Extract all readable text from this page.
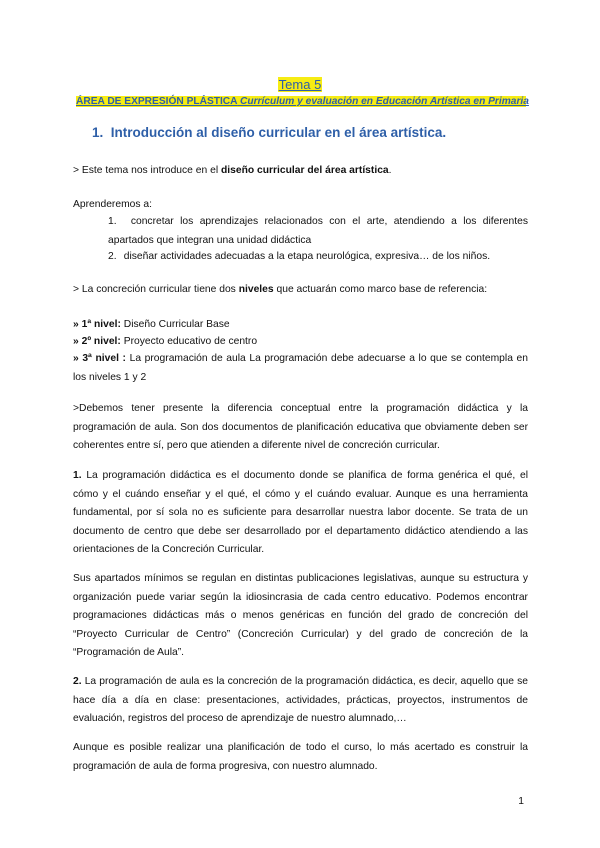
Tema 5
ÁREA DE EXPRESIÓN PLÁSTICA Currículum y evaluación en Educación Artística en Primaria
1. Introducción al diseño curricular en el área artística.
> Este tema nos introduce en el diseño curricular del área artística.
Aprenderemos a:
1. concretar los aprendizajes relacionados con el arte, atendiendo a los diferentes apartados que integran una unidad didáctica
2. diseñar actividades adecuadas a la etapa neurológica, expresiva… de los niños.
> La concreción curricular tiene dos niveles que actuarán como marco base de referencia:
» 1ª nivel: Diseño Curricular Base
» 2º nivel: Proyecto educativo de centro
» 3ª nivel : La programación de aula La programación debe adecuarse a lo que se contempla en los niveles 1 y 2
>Debemos tener presente la diferencia conceptual entre la programación didáctica y la programación de aula. Son dos documentos de planificación educativa que obviamente deben ser coherentes entre sí, pero que atienden a diferente nivel de concreción curricular.
1. La programación didáctica es el documento donde se planifica de forma genérica el qué, el cómo y el cuándo enseñar y el qué, el cómo y el cuándo evaluar. Aunque es una herramienta fundamental, por sí sola no es suficiente para desarrollar nuestra labor docente. Se trata de un documento de centro que debe ser desarrollado por el departamento didáctico atendiendo a las orientaciones de la Concreción Curricular.
Sus apartados mínimos se regulan en distintas publicaciones legislativas, aunque su estructura y organización puede variar según la idiosincrasia de cada centro educativo. Podemos encontrar programaciones didácticas más o menos genéricas en función del grado de concreción del “Proyecto Curricular de Centro” (Concreción Curricular) y del grado de concreción de la “Programación de Aula”.
2. La programación de aula es la concreción de la programación didáctica, es decir, aquello que se hace día a día en clase: presentaciones, actividades, prácticas, proyectos, instrumentos de evaluación, registros del proceso de aprendizaje de nuestro alumnado,…
Aunque es posible realizar una planificación de todo el curso, lo más acertado es construir la programación de aula de forma progresiva, con nuestro alumnado.
1
